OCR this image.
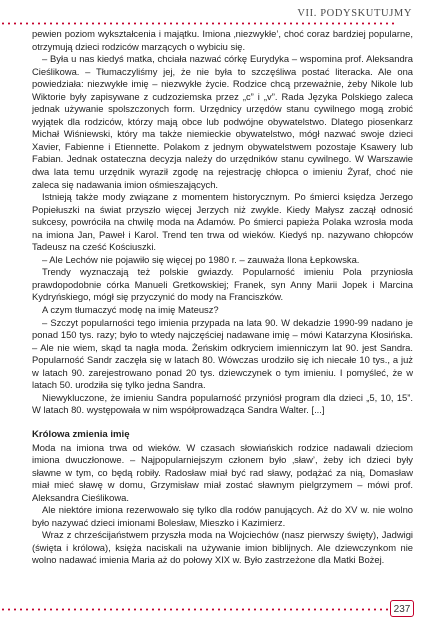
VII. PODYSKUTUJMY

pewien poziom wykształcenia i majątku. Imiona ‚niezwykłe’, choć coraz bardziej popularne, otrzymują dzieci rodziców marzących o wybiciu się.

– Była u nas kiedyś matka, chciała nazwać córkę Eurydyka – wspomina prof. Aleksandra Cieślikowa. – Tłumaczyliśmy jej, że nie była to szczęśliwa postać literacka. Ale ona powiedziała: niezwykłe imię – niezwykłe życie. Rodzice chcą przeważnie, żeby Nikole lub Wiktorie były zapisywane z cudzoziemska przez „c” i „v”. Rada Języka Polskiego zaleca jednak używanie spolszczonych form. Urzędnicy urzędów stanu cywilnego mogą zrobić wyjątek dla rodziców, którzy mają obce lub podwójne obywatelstwo. Dlatego piosenkarz Michał Wiśniewski, który ma także niemieckie obywatelstwo, mógł nazwać swoje dzieci Xavier, Fabienne i Etiennette. Polakom z jednym obywatelstwem pozostaje Ksawery lub Fabian. Jednak ostateczna decyzja należy do urzędników stanu cywilnego. W Warszawie dwa lata temu urzędnik wyraził zgodę na rejestrację chłopca o imieniu Żyraf, choć nie zaleca się nadawania imion ośmieszających.

Istnieją także mody związane z momentem historycznym. Po śmierci księdza Jerzego Popiełuszki na świat przyszło więcej Jerzych niż zwykle. Kiedy Małysz zaczął odnosić sukcesy, powróciła na chwilę moda na Adamów. Po śmierci papieża Polaka wzrosła moda na imiona Jan, Paweł i Karol. Trend ten trwa od wieków. Kiedyś np. nazywano chłopców Tadeusz na cześć Kościuszki.

– Ale Lechów nie pojawiło się więcej po 1980 r. – zauważa Ilona Łepkowska.

Trendy wyznaczają też polskie gwiazdy. Popularność imieniu Pola przyniosła prawdopodobnie córka Manueli Gretkowskiej; Franek, syn Anny Marii Jopek i Marcina Kydryńskiego, mógł się przyczynić do mody na Franciszków.

A czym tłumaczyć modę na imię Mateusz?

– Szczyt popularności tego imienia przypada na lata 90. W dekadzie 1990-99 nadano je ponad 150 tys. razy; było to wtedy najczęściej nadawane imię – mówi Katarzyna Kłosińska. – Ale nie wiem, skąd ta nagła moda. Żeńskim odkryciem imienniczym lat 90. jest Sandra. Popularność Sandr zaczęła się w latach 80. Wówczas urodziło się ich niecałe 10 tys., a już w latach 90. zarejestrowano ponad 20 tys. dziewczynek o tym imieniu. I pomyśleć, że w latach 50. urodziła się tylko jedna Sandra.

Niewykluczone, że imieniu Sandra popularność przyniósł program dla dzieci „5, 10, 15”. W latach 80. występowała w nim współprowadząca Sandra Walter. [...]

Królowa zmienia imię

Moda na imiona trwa od wieków. W czasach słowiańskich rodzice nadawali dzieciom imiona dwuczłonowe. – Najpopularniejszym członem było ‚sław’, żeby ich dzieci były sławne w tym, co będą robiły. Radosław miał być rad sławy, podążać za nią, Domasław miał mieć sławę w domu, Grzymisław miał zostać sławnym pielgrzymem – mówi prof. Aleksandra Cieślikowa.

Ale niektóre imiona rezerwowało się tylko dla rodów panujących. Aż do XV w. nie wolno było nazywać dzieci imionami Bolesław, Mieszko i Kazimierz.

Wraz z chrześcijaństwem przyszła moda na Wojciechów (nasz pierwszy święty), Jadwigi (święta i królowa), księża naciskali na używanie imion biblijnych. Ale dziewczynkom nie wolno nadawać imienia Maria aż do połowy XIX w. Było zastrzeżone dla Matki Bożej.

237
